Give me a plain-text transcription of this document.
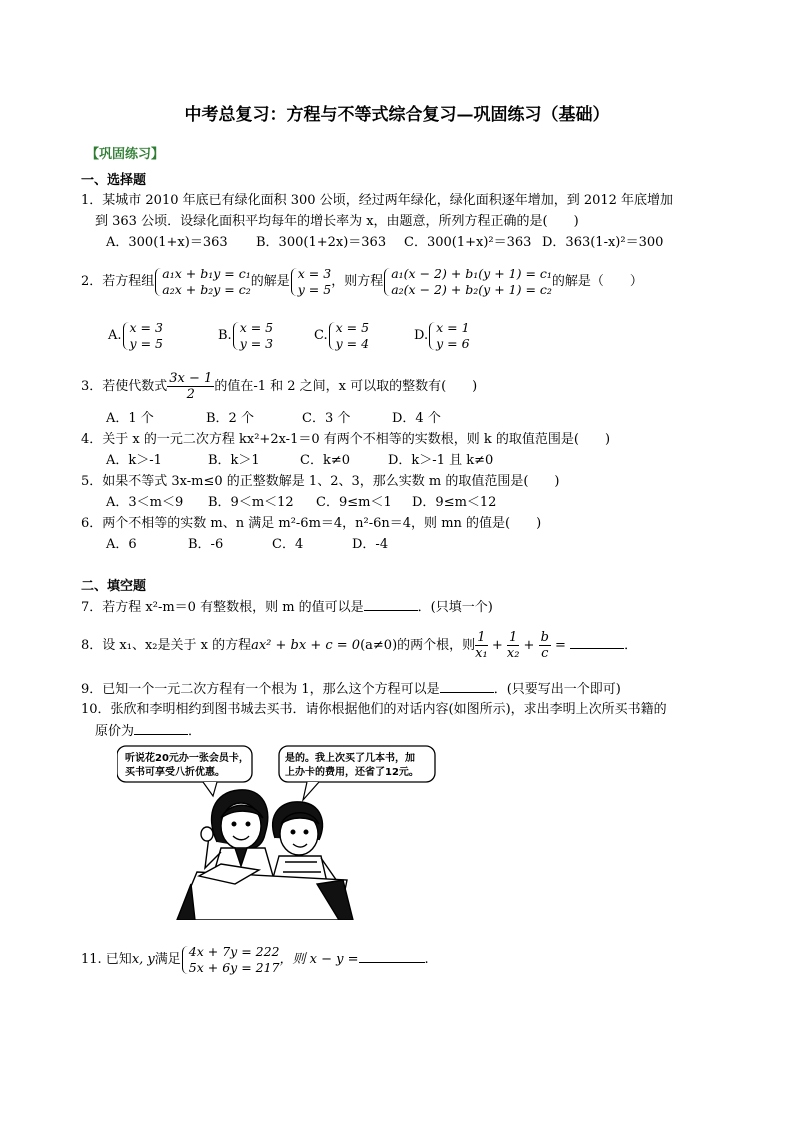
中考总复习：方程与不等式综合复习—巩固练习（基础）
【巩固练习】
一、选择题
1．某城市 2010 年底已有绿化面积 300 公顷，经过两年绿化，绿化面积逐年增加，到 2012 年底增加
到 363 公顷．设绿化面积平均每年的增长率为 x，由题意，所列方程正确的是(　　)
A．300(1+x)＝363 B．300(1+2x)＝363 C．300(1+x)²＝363 D．363(1-x)²＝300
2．若方程组
a₁x + b₁y = c₁
a₂x + b₂y = c₂ 的解是
x = 3
y = 5 ，则方程
a₁(x − 2) + b₁(y + 1) = c₁
a₂(x − 2) + b₂(y + 1) = c₂ 的解是（　　）
A.
x = 3
y = 5	B.
x = 5
y = 3	C.
x = 5
y = 4	D.
x = 1
y = 6
3．若使代数式 $\frac{3x - 1}{2}$ 的值在-1 和 2 之间，x 可以取的整数有(　　)
A．1 个	B．2 个	C．3 个	D．4 个
4．关于 x 的一元二次方程 kx²+2x-1＝0 有两个不相等的实数根，则 k 的取值范围是(　　)
A．k＞-1	B．k＞1	C．k≠0	D．k＞-1 且 k≠0
5．如果不等式 3x-m≤0 的正整数解是 1、2、3，那么实数 m 的取值范围是(　　)
A．3＜m＜9 B．9＜m＜12 C．9≤m＜1 D．9≤m＜12
6．两个不相等的实数 m、n 满足 m²-6m＝4，n²-6n＝4，则 mn 的值是(　　)
A．6	B．-6	C．4	D．-4
二、填空题
7．若方程 x²-m＝0 有整数根，则 m 的值可以是	．(只填一个)
8．设 x₁、x₂是关于 x 的方程ax² + bx + c = 0(a≠0)的两个根，则 $\frac{1}{\text{x₁}} + \frac{1}{\text{x₂}} + \frac{b}{c}$ =	．
9．已知一个一元二次方程有一个根为 1，那么这个方程可以是	．(只要写出一个即可)
10．张欣和李明相约到图书城去买书．请你根据他们的对话内容(如图所示)，求出李明上次所买书籍的
原价为	．
听说花20元办一张会员卡，
买书可享受八折优惠。
是的。我上次买了几本书，加
上办卡的费用，还省了12元。
11. 已知x, y满足
4x + 7y = 222
5x + 6y = 217 ，则 x − y =	.
